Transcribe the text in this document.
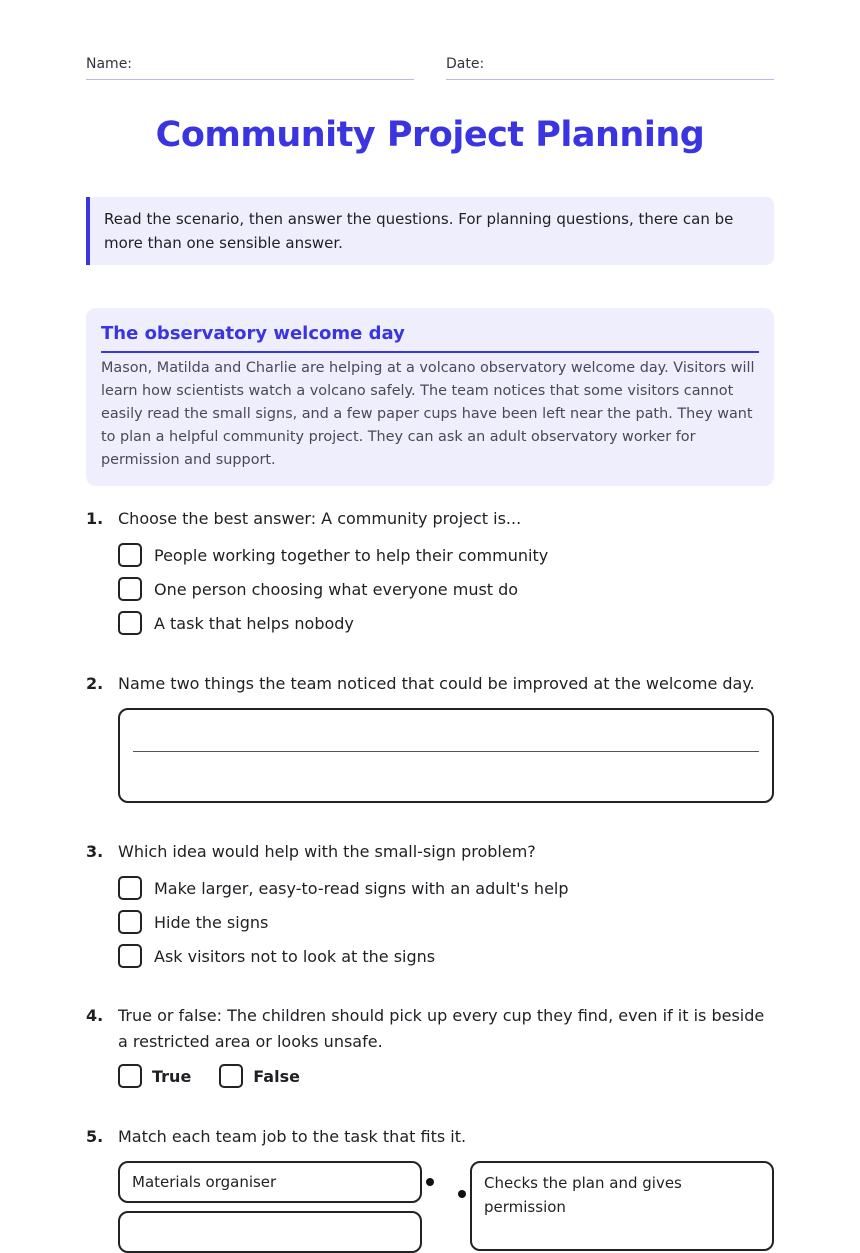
Name:	Date:
Community Project Planning
Read the scenario, then answer the questions. For planning questions, there can be more than one sensible answer.
The observatory welcome day

Mason, Matilda and Charlie are helping at a volcano observatory welcome day. Visitors will learn how scientists watch a volcano safely. The team notices that some visitors cannot easily read the small signs, and a few paper cups have been left near the path. They want to plan a helpful community project. They can ask an adult observatory worker for permission and support.

1. Choose the best answer: A community project is...
People working together to help their community
One person choosing what everyone must do
A task that helps nobody
2. Name two things the team noticed that could be improved at the welcome day.
3. Which idea would help with the small-sign problem?
Make larger, easy-to-read signs with an adult's help
Hide the signs
Ask visitors not to look at the signs
4. True or false: The children should pick up every cup they find, even if it is beside a restricted area or looks unsafe.
True	False
5. Match each team job to the task that fits it.
Materials organiser	Checks the plan and gives permission
